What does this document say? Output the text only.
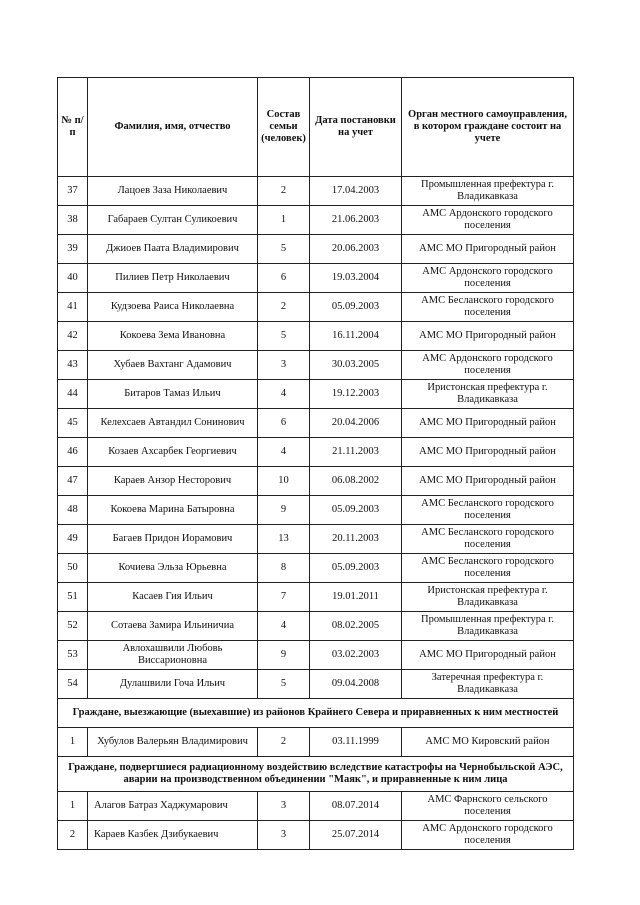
№ п/п	Фамилия, имя, отчество	Состав семьи (человек)	Дата постановки на учет	Орган местного самоуправления, в котором граждане состоит на учете
37	Лацоев Заза Николаевич	2	17.04.2003	Промышленная префектура г. Владикавказа
38	Габараев Султан Суликоевич	1	21.06.2003	АМС Ардонского городского поселения
39	Джиоев Паата Владимирович	5	20.06.2003	АМС МО Пригородный район
40	Пилиев Петр Николаевич	6	19.03.2004	АМС Ардонского городского поселения
41	Кудзоева Раиса Николаевна	2	05.09.2003	АМС Бесланского городского поселения
42	Кокоева Зема Ивановна	5	16.11.2004	АМС МО Пригородный район
43	Хубаев Вахтанг Адамович	3	30.03.2005	АМС Ардонского городского поселения
44	Битаров Тамаз Ильич	4	19.12.2003	Иристонская префектура г. Владикавказа
45	Келехсаев Автандил Сонинович	6	20.04.2006	АМС МО Пригородный район
46	Козаев Ахсарбек Георгиевич	4	21.11.2003	АМС МО Пригородный район
47	Караев Анзор Несторович	10	06.08.2002	АМС МО Пригородный район
48	Кокоева Марина Батыровна	9	05.09.2003	АМС Бесланского городского поселения
49	Багаев Придон Иорамович	13	20.11.2003	АМС Бесланского городского поселения
50	Кочиева Эльза Юрьевна	8	05.09.2003	АМС Бесланского городского поселения
51	Касаев Гия Ильич	7	19.01.2011	Иристонская префектура г. Владикавказа
52	Сотаева Замира Ильиничиа	4	08.02.2005	Промышленная префектура г. Владикавказа
53	Авлохашвили Любовь Виссарионовна	9	03.02.2003	АМС МО Пригородный район
54	Дулашвили Гоча Ильич	5	09.04.2008	Затеречная префектура г. Владикавказа
Граждане, выезжающие (выехавшие) из районов Крайнего Севера и приравненных к ним местностей				
1	Хубулов Валерьян Владимирович	2	03.11.1999	АМС МО Кировский район
Граждане, подвергшиеся радиационному воздействию вследствие катастрофы на Чернобыльской АЭС, аварии на производственном объединении "Маяк", и приравненные к ним лица				
1	Алагов Батраз Хаджумарович	3	08.07.2014	АМС Фарнского сельского поселения
2	Караев Казбек Дзибукаевич	3	25.07.2014	АМС Ардонского городского поселения
